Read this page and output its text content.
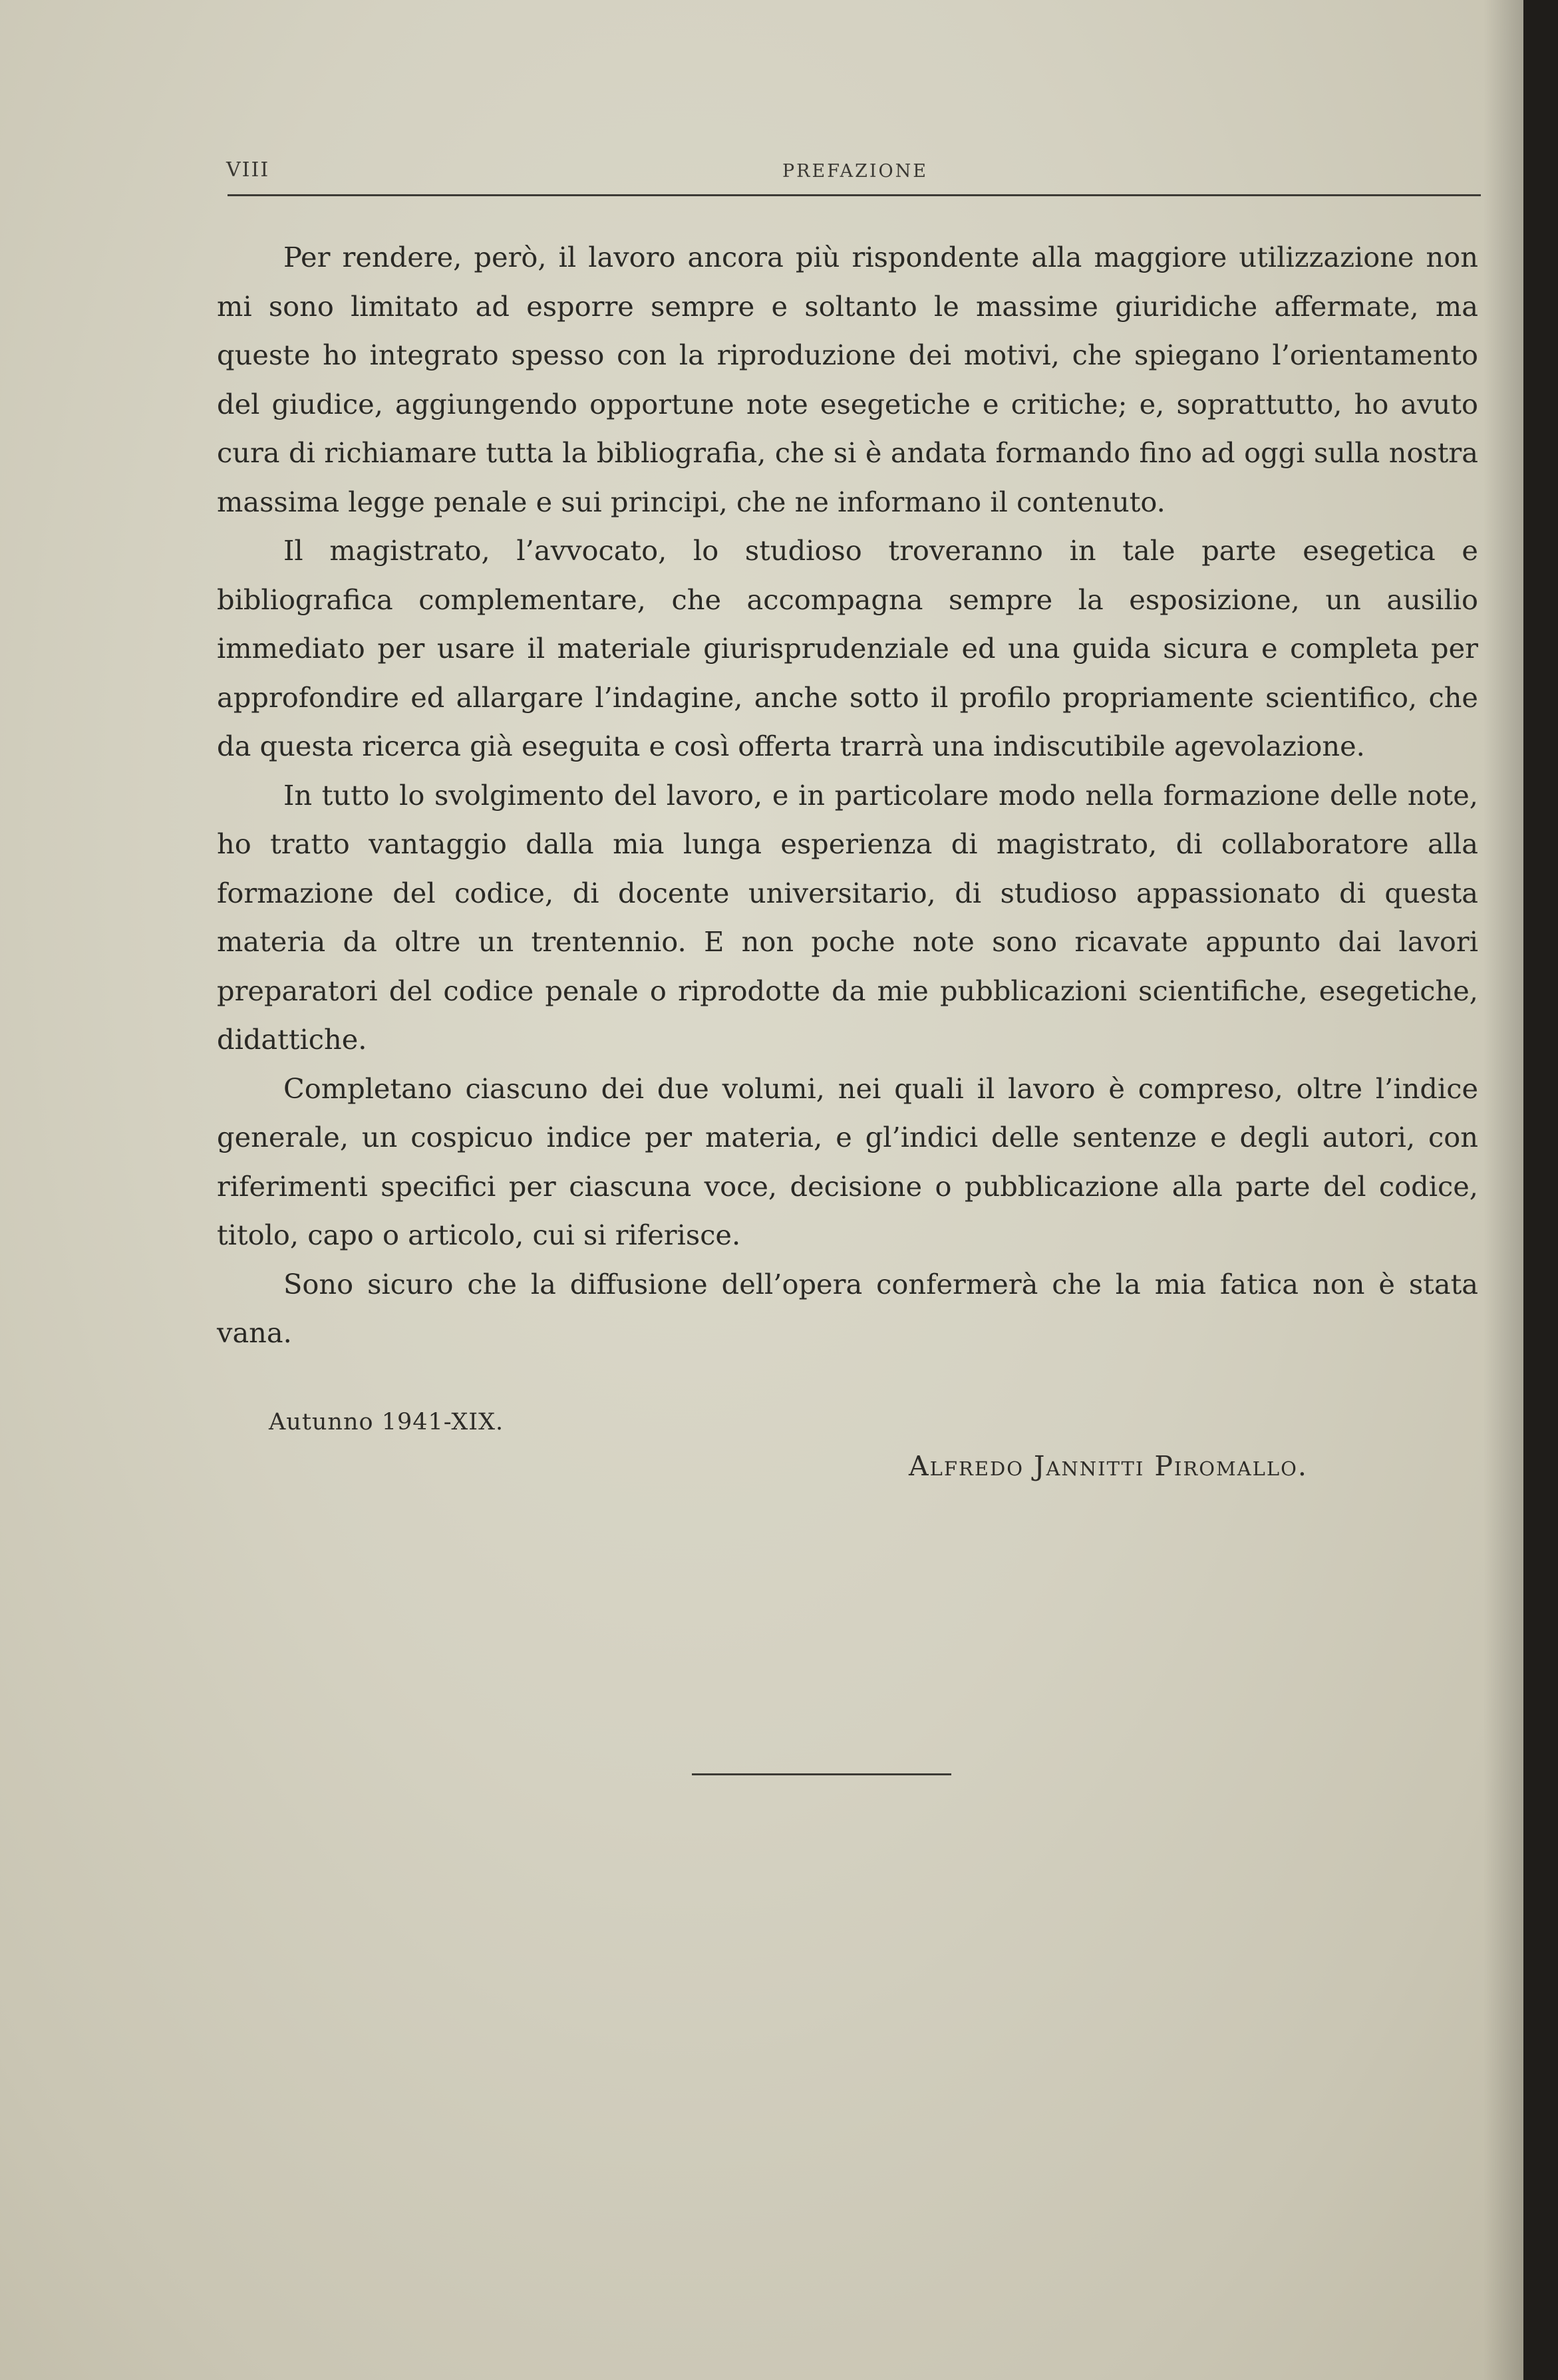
VIII	PREFAZIONE

Per rendere, però, il lavoro ancora più rispondente alla maggiore utilizzazione non mi sono limitato ad esporre sempre e soltanto le massime giuridiche affermate, ma queste ho integrato spesso con la riproduzione dei motivi, che spiegano l’orientamento del giudice, aggiungendo opportune note esegetiche e critiche; e, soprattutto, ho avuto cura di richiamare tutta la bibliografia, che si è andata formando fino ad oggi sulla nostra massima legge penale e sui principi, che ne informano il contenuto.

Il magistrato, l’avvocato, lo studioso troveranno in tale parte esegetica e bibliografica complementare, che accompagna sempre la esposizione, un ausilio immediato per usare il materiale giurisprudenziale ed una guida sicura e completa per approfondire ed allargare l’indagine, anche sotto il profilo propriamente scientifico, che da questa ricerca già eseguita e così offerta trarrà una indiscutibile agevolazione.

In tutto lo svolgimento del lavoro, e in particolare modo nella formazione delle note, ho tratto vantaggio dalla mia lunga esperienza di magistrato, di collaboratore alla formazione del codice, di docente universitario, di studioso appassionato di questa materia da oltre un trentennio. E non poche note sono ricavate appunto dai lavori preparatori del codice penale o riprodotte da mie pubblicazioni scientifiche, esegetiche, didattiche.

Completano ciascuno dei due volumi, nei quali il lavoro è compreso, oltre l’indice generale, un cospicuo indice per materia, e gl’indici delle sentenze e degli autori, con riferimenti specifici per ciascuna voce, decisione o pubblicazione alla parte del codice, titolo, capo o articolo, cui si riferisce.

Sono sicuro che la diffusione dell’opera confermerà che la mia fatica non è stata vana.

Autunno 1941-XIX.
Alfredo Jannitti Piromallo.
